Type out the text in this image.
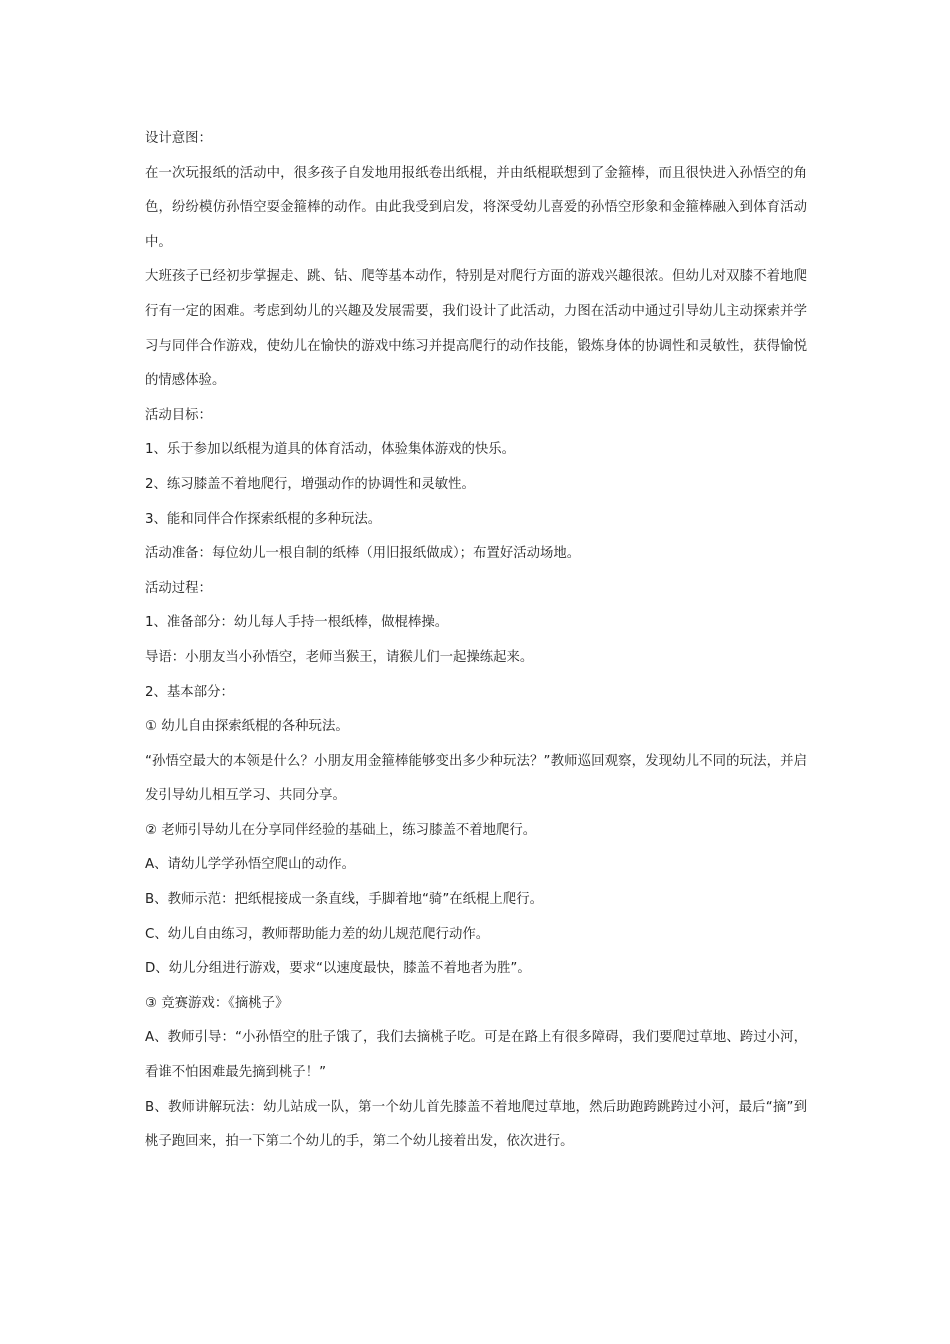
设计意图：

在一次玩报纸的活动中，很多孩子自发地用报纸卷出纸棍，并由纸棍联想到了金箍棒，而且很快进入孙悟空的角色，纷纷模仿孙悟空耍金箍棒的动作。由此我受到启发，将深受幼儿喜爱的孙悟空形象和金箍棒融入到体育活动中。

大班孩子已经初步掌握走、跳、钻、爬等基本动作，特别是对爬行方面的游戏兴趣很浓。但幼儿对双膝不着地爬行有一定的困难。考虑到幼儿的兴趣及发展需要，我们设计了此活动，力图在活动中通过引导幼儿主动探索并学习与同伴合作游戏，使幼儿在愉快的游戏中练习并提高爬行的动作技能，锻炼身体的协调性和灵敏性，获得愉悦的情感体验。

活动目标：

1、乐于参加以纸棍为道具的体育活动，体验集体游戏的快乐。

2、练习膝盖不着地爬行，增强动作的协调性和灵敏性。

3、能和同伴合作探索纸棍的多种玩法。

活动准备：每位幼儿一根自制的纸棒（用旧报纸做成）；布置好活动场地。

活动过程：

1、准备部分：幼儿每人手持一根纸棒，做棍棒操。

导语：小朋友当小孙悟空，老师当猴王，请猴儿们一起操练起来。

2、基本部分：

① 幼儿自由探索纸棍的各种玩法。

“孙悟空最大的本领是什么？小朋友用金箍棒能够变出多少种玩法？”教师巡回观察，发现幼儿不同的玩法，并启发引导幼儿相互学习、共同分享。

② 老师引导幼儿在分享同伴经验的基础上，练习膝盖不着地爬行。

A、请幼儿学学孙悟空爬山的动作。

B、教师示范：把纸棍接成一条直线，手脚着地“骑”在纸棍上爬行。

C、幼儿自由练习，教师帮助能力差的幼儿规范爬行动作。

D、幼儿分组进行游戏，要求“以速度最快，膝盖不着地者为胜”。

③ 竞赛游戏：《摘桃子》

A、教师引导：“小孙悟空的肚子饿了，我们去摘桃子吃。可是在路上有很多障碍，我们要爬过草地、跨过小河，看谁不怕困难最先摘到桃子！”

B、教师讲解玩法：幼儿站成一队，第一个幼儿首先膝盖不着地爬过草地，然后助跑跨跳跨过小河，最后“摘”到桃子跑回来，拍一下第二个幼儿的手，第二个幼儿接着出发，依次进行。
